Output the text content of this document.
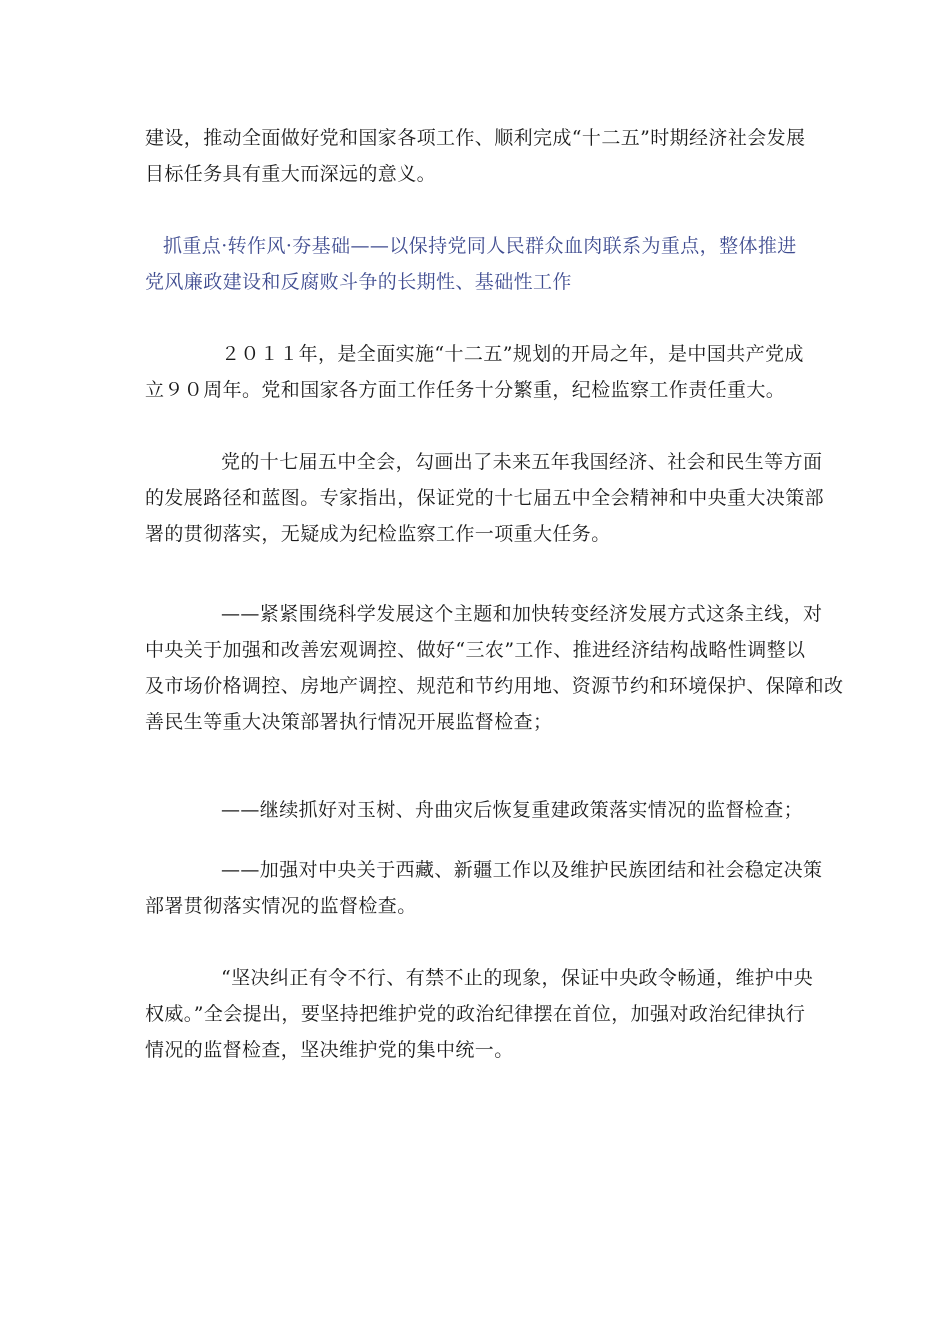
建设，推动全面做好党和国家各项工作、顺利完成“十二五”时期经济社会发展
目标任务具有重大而深远的意义。

抓重点·转作风·夯基础——以保持党同人民群众血肉联系为重点，整体推进
党风廉政建设和反腐败斗争的长期性、基础性工作

２０１１年，是全面实施“十二五”规划的开局之年，是中国共产党成
立９０周年。党和国家各方面工作任务十分繁重，纪检监察工作责任重大。

党的十七届五中全会，勾画出了未来五年我国经济、社会和民生等方面
的发展路径和蓝图。专家指出，保证党的十七届五中全会精神和中央重大决策部
署的贯彻落实，无疑成为纪检监察工作一项重大任务。

——紧紧围绕科学发展这个主题和加快转变经济发展方式这条主线，对
中央关于加强和改善宏观调控、做好“三农”工作、推进经济结构战略性调整以
及市场价格调控、房地产调控、规范和节约用地、资源节约和环境保护、保障和改
善民生等重大决策部署执行情况开展监督检查；

——继续抓好对玉树、舟曲灾后恢复重建政策落实情况的监督检查；

——加强对中央关于西藏、新疆工作以及维护民族团结和社会稳定决策
部署贯彻落实情况的监督检查。

“坚决纠正有令不行、有禁不止的现象，保证中央政令畅通，维护中央
权威。”全会提出，要坚持把维护党的政治纪律摆在首位，加强对政治纪律执行
情况的监督检查，坚决维护党的集中统一。
